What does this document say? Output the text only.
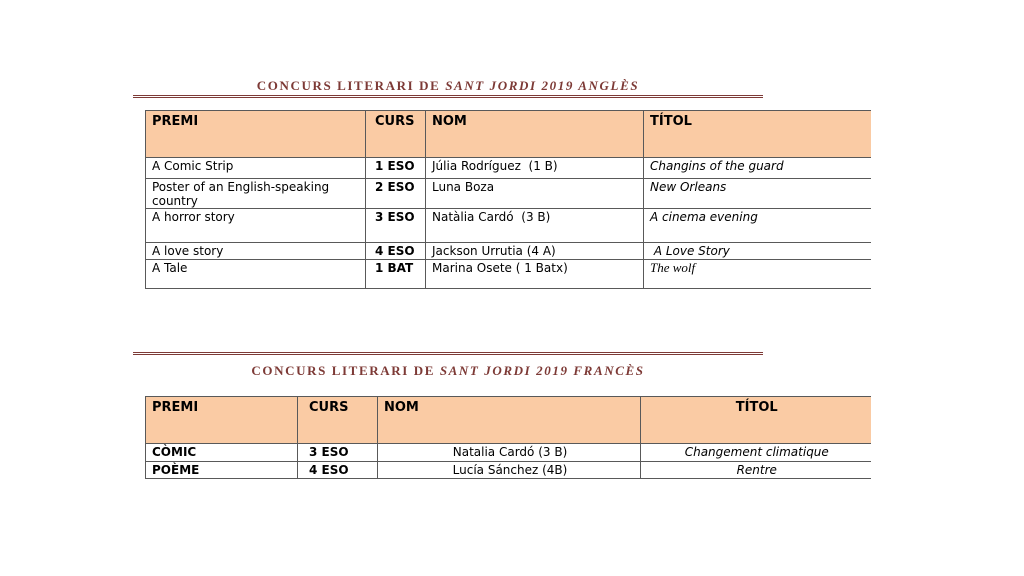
CONCURS LITERARI DE SANT JORDI 2019 ANGLÈS
PREMI	CURS	NOM	TÍTOL
A Comic Strip	1 ESO	Júlia Rodríguez  (1 B)	Changins of the guard
Poster of an English-speaking country	2 ESO	Luna Boza	New Orleans
A horror story	3 ESO	Natàlia Cardó  (3 B)	A cinema evening
A love story	4 ESO	Jackson Urrutia (4 A)	A Love Story
A Tale	1 BAT	Marina Osete ( 1 Batx)	The wolf
CONCURS LITERARI DE SANT JORDI 2019 FRANCÈS
PREMI	CURS	NOM	TÍTOL
CÒMIC	3 ESO	Natalia Cardó (3 B)	Changement climatique
POÈME	4 ESO	Lucía Sánchez (4B)	Rentre
